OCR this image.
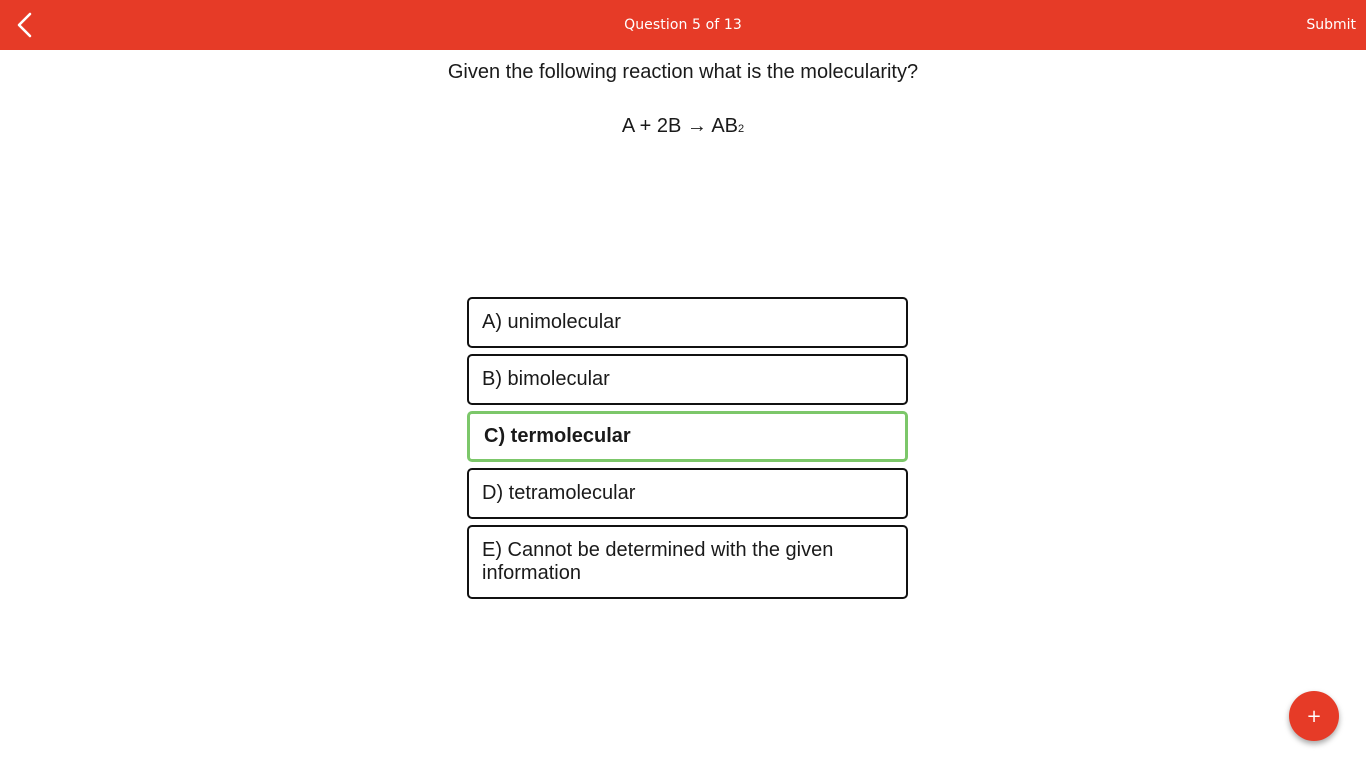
Question 5 of 13	Submit
Given the following reaction what is the molecularity?
A + 2B → AB2
A) unimolecular
B) bimolecular
C) termolecular
D) tetramolecular
E) Cannot be determined with the given information
+
